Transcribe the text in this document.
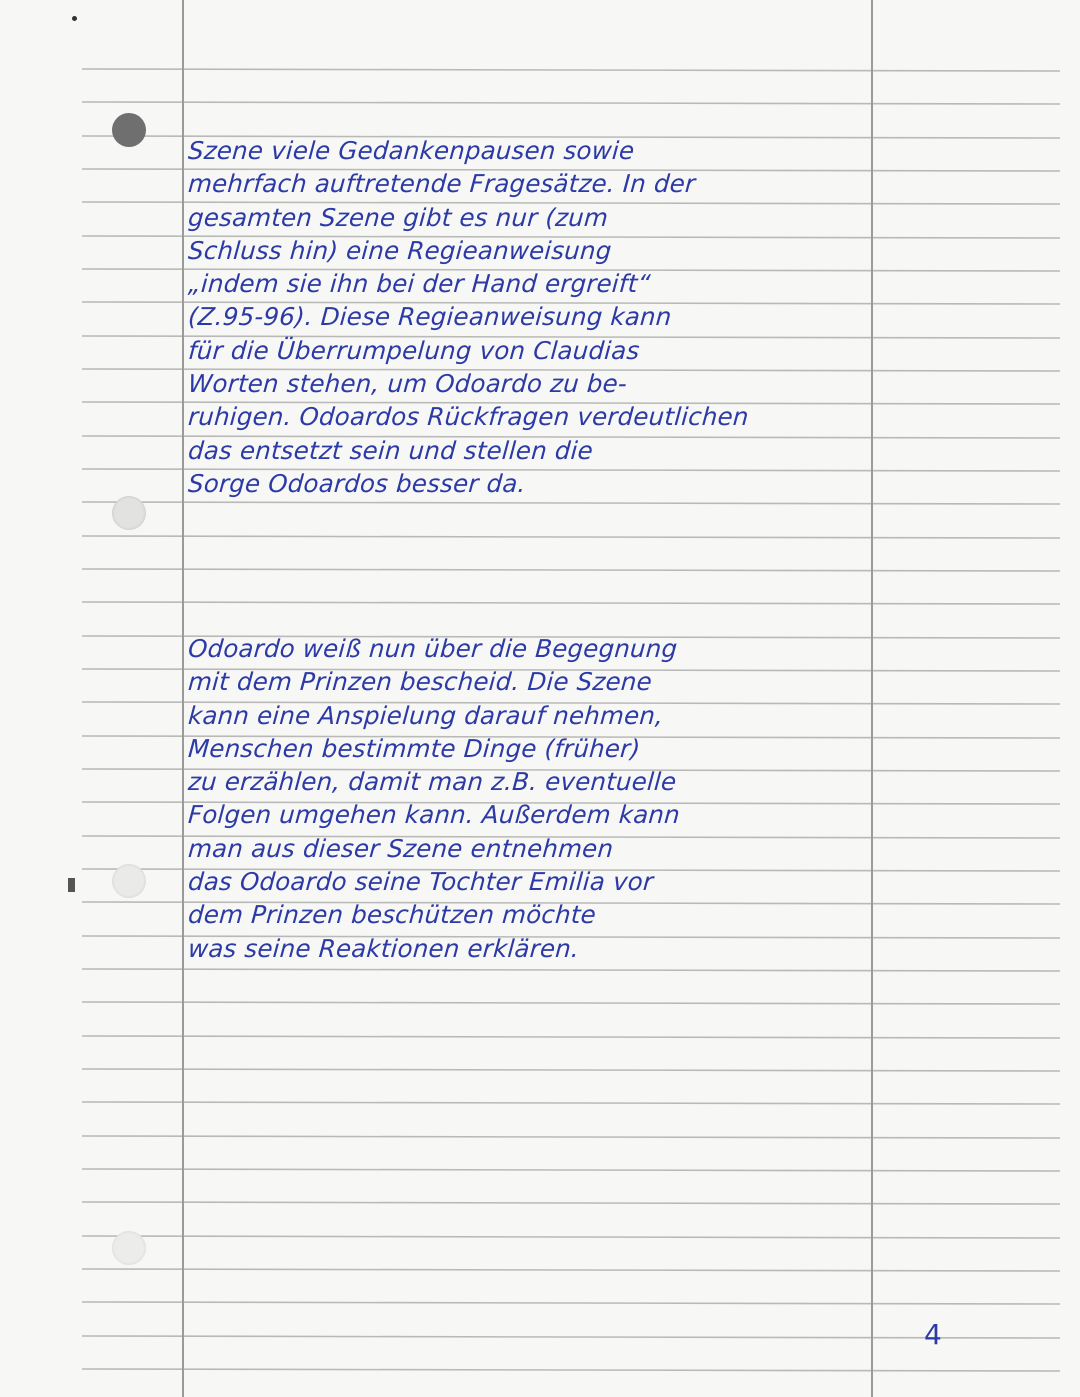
Szene viele Gedankenpausen sowie
mehrfach auftretende Fragesätze. In der
gesamten Szene gibt es nur (zum
Schluss hin) eine Regieanweisung
„indem sie ihn bei der Hand ergreift“
(Z.95-96). Diese Regieanweisung kann
für die Überrumpelung von Claudias
Worten stehen, um Odoardo zu be-
ruhigen. Odoardos Rückfragen verdeutlichen
das entsetzt sein und stellen die
Sorge Odoardos besser da.
Odoardo weiß nun über die Begegnung
mit dem Prinzen bescheid. Die Szene
kann eine Anspielung darauf nehmen,
Menschen bestimmte Dinge (früher)
zu erzählen, damit man z.B. eventuelle
Folgen umgehen kann. Außerdem kann
man aus dieser Szene entnehmen
das Odoardo seine Tochter Emilia vor
dem Prinzen beschützen möchte
was seine Reaktionen erklären.
4
